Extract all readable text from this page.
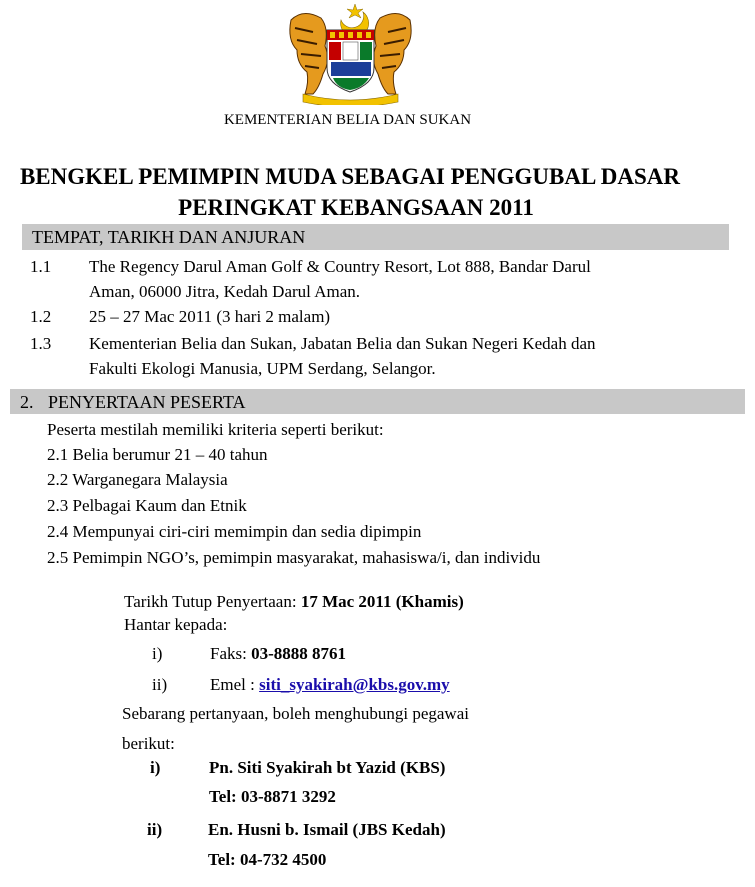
KEMENTERIAN BELIA DAN SUKAN
BENGKEL PEMIMPIN MUDA SEBAGAI PENGGUBAL DASAR
PERINGKAT KEBANGSAAN 2011
TEMPAT, TARIKH DAN ANJURAN
1.1 The Regency Darul Aman Golf & Country Resort, Lot 888, Bandar Darul
Aman, 06000 Jitra, Kedah Darul Aman.
1.2 25 – 27 Mac 2011 (3 hari 2 malam)
1.3 Kementerian Belia dan Sukan, Jabatan Belia dan Sukan Negeri Kedah dan
Fakulti Ekologi Manusia, UPM Serdang, Selangor.
2. PENYERTAAN PESERTA
Peserta mestilah memiliki kriteria seperti berikut:
2.1 Belia berumur 21 – 40 tahun
2.2 Warganegara Malaysia
2.3 Pelbagai Kaum dan Etnik
2.4 Mempunyai ciri-ciri memimpin dan sedia dipimpin
2.5 Pemimpin NGO’s, pemimpin masyarakat, mahasiswa/i, dan individu
Tarikh Tutup Penyertaan: 17 Mac 2011 (Khamis)
Hantar kepada:
i)	Faks: 03-8888 8761
ii)	Emel : siti_syakirah@kbs.gov.my
Sebarang pertanyaan, boleh menghubungi pegawai
berikut:
i)	Pn. Siti Syakirah bt Yazid (KBS)
Tel: 03-8871 3292
ii)	En. Husni b. Ismail (JBS Kedah)
Tel: 04-732 4500
